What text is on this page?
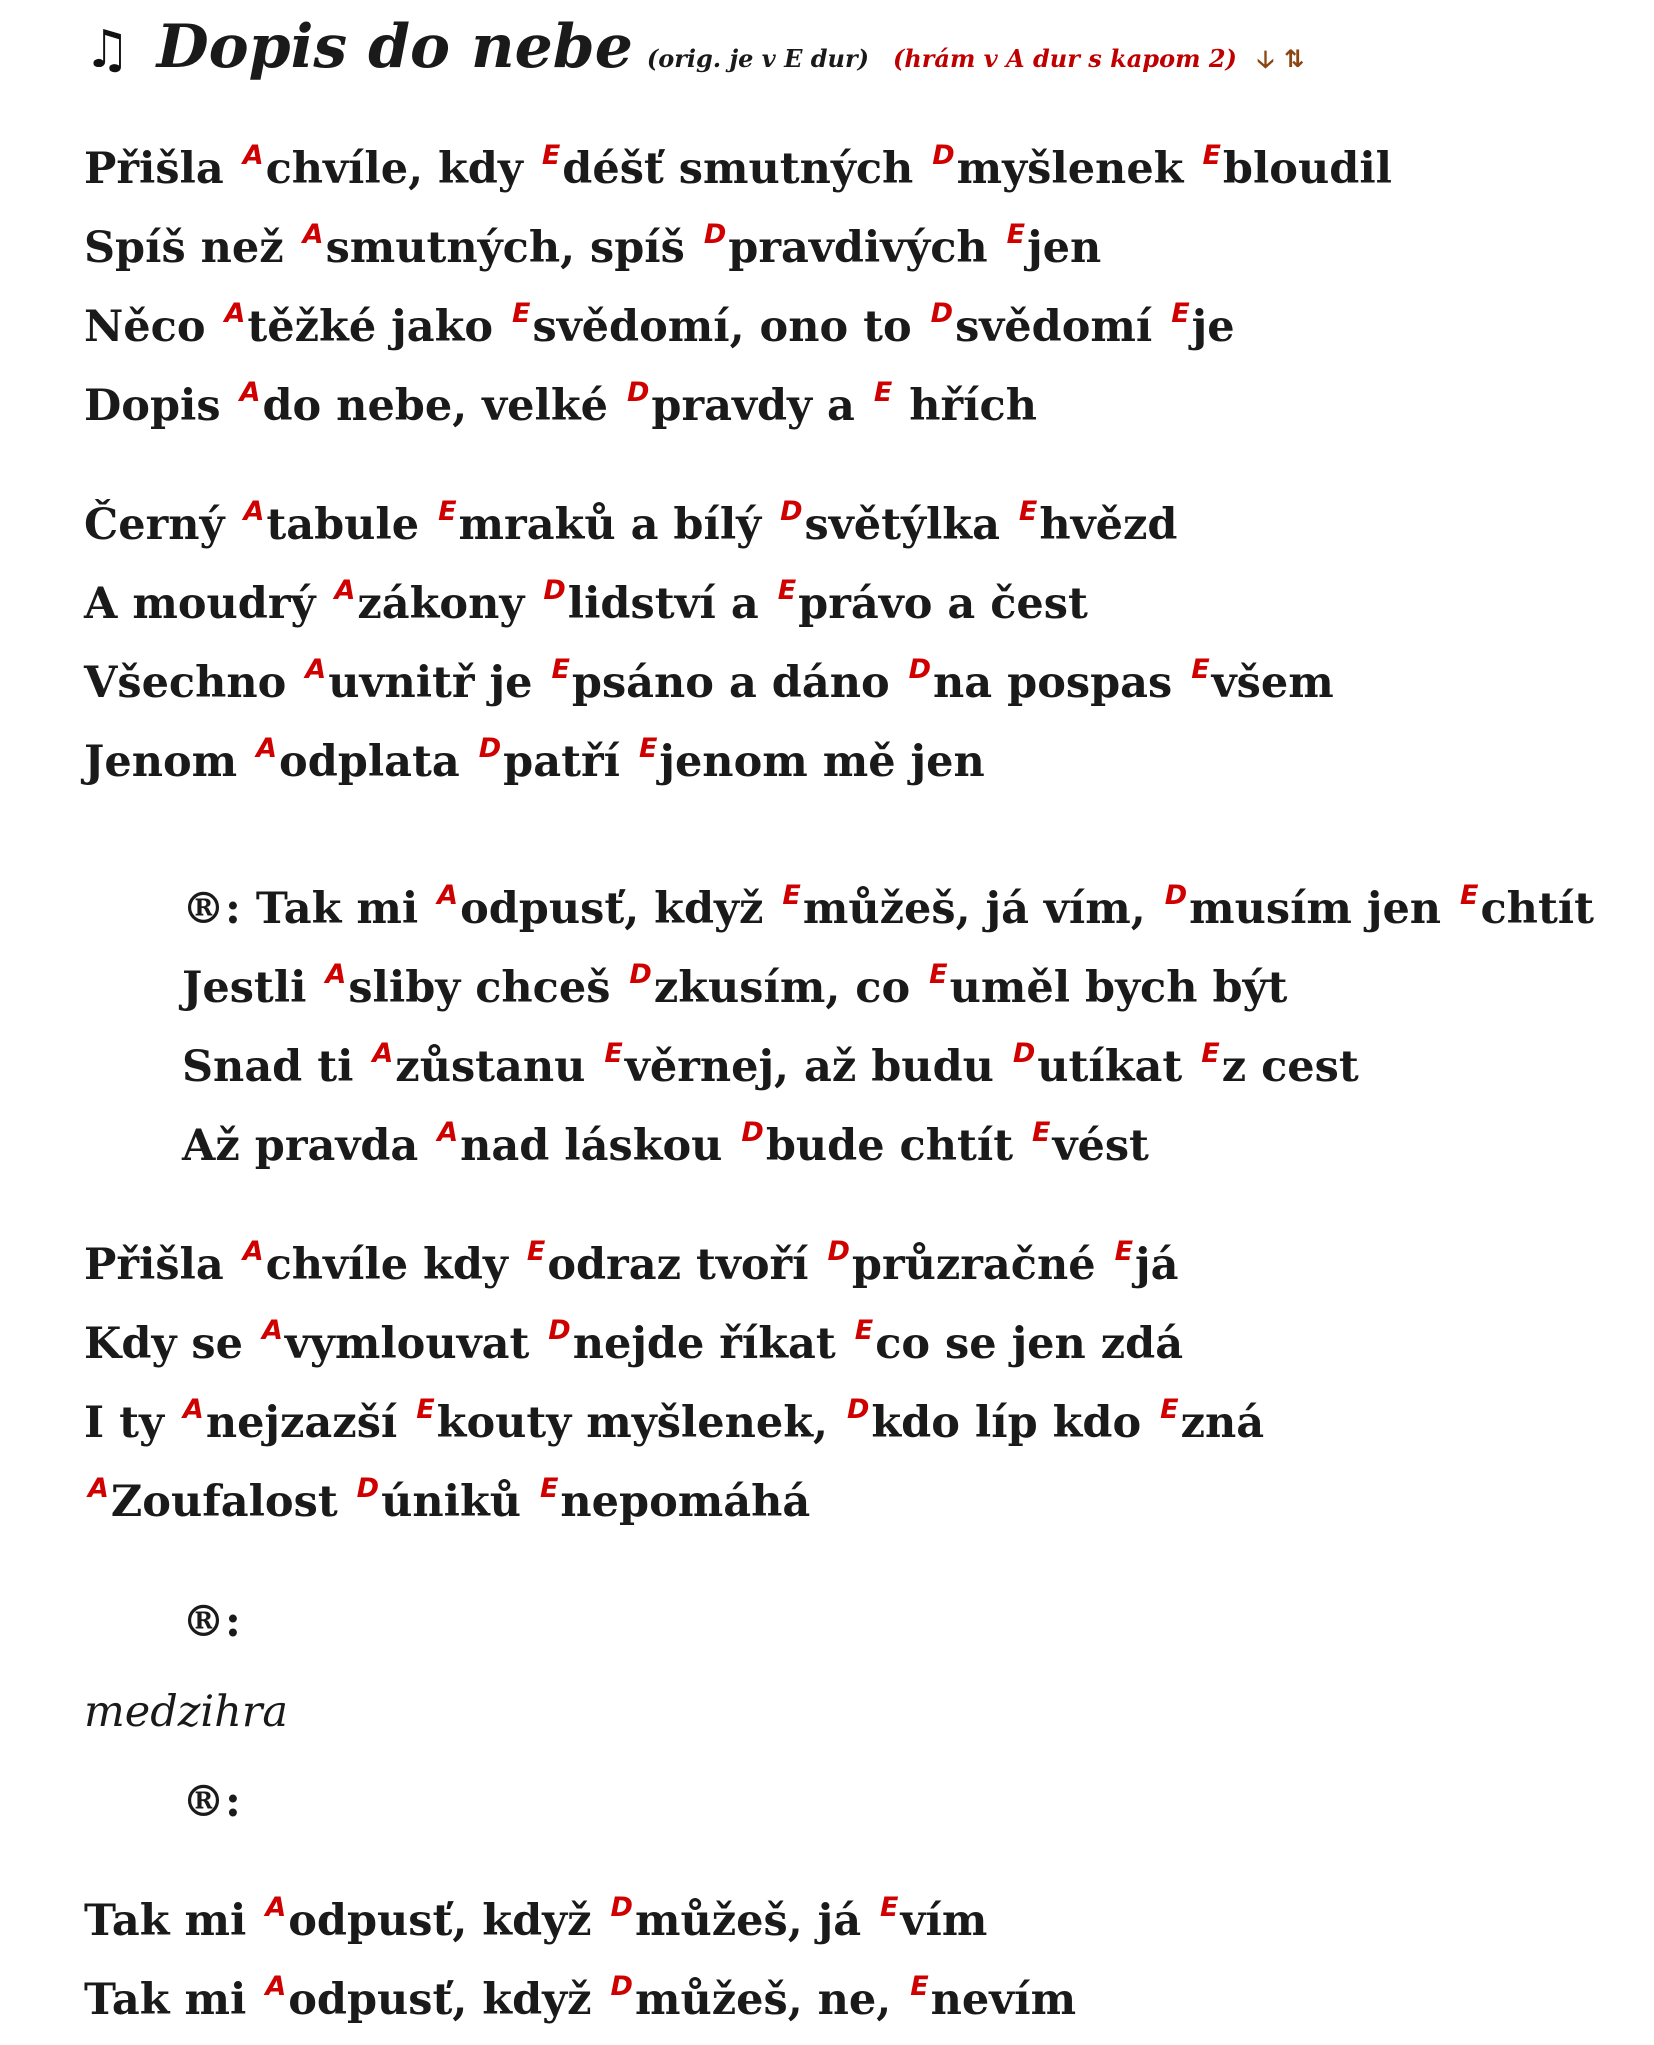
♫ Dopis do nebe (orig. je v E dur) (hrám v A dur s kapom 2) 🡣 ⇅
Přišla $^A$chvíle, kdy $^E$déšť smutných $^D$myšlenek $^E$bloudil
Spíš než $^A$smutných, spíš $^D$pravdivých $^E$jen
Něco $^A$těžké jako $^E$svědomí, ono to $^D$svědomí $^E$je
Dopis $^A$do nebe, velké $^D$pravdy a $^E$ hřích
Černý $^A$tabule $^E$mraků a bílý $^D$světýlka $^E$hvězd
A moudrý $^A$zákony $^D$lidství a $^E$právo a čest
Všechno $^A$uvnitř je $^E$psáno a dáno $^D$na pospas $^E$všem
Jenom $^A$odplata $^D$patří $^E$jenom mě jen
®: Tak mi $^A$odpusť, když $^E$můžeš, já vím, $^D$musím jen $^E$chtít
Jestli $^A$sliby chceš $^D$zkusím, co $^E$uměl bych být
Snad ti $^A$zůstanu $^E$věrnej, až budu $^D$utíkat $^E$z cest
Až pravda $^A$nad láskou $^D$bude chtít $^E$vést
Přišla $^A$chvíle kdy $^E$odraz tvoří $^D$průzračné $^E$já
Kdy se $^A$vymlouvat $^D$nejde říkat $^E$co se jen zdá
I ty $^A$nejzazší $^E$kouty myšlenek, $^D$kdo líp kdo $^E$zná
$^A$Zoufalost $^D$úniků $^E$nepomáhá
®:
medzihra
®:
Tak mi $^A$odpusť, když $^D$můžeš, já $^E$vím
Tak mi $^A$odpusť, když $^D$můžeš, ne, $^E$nevím
